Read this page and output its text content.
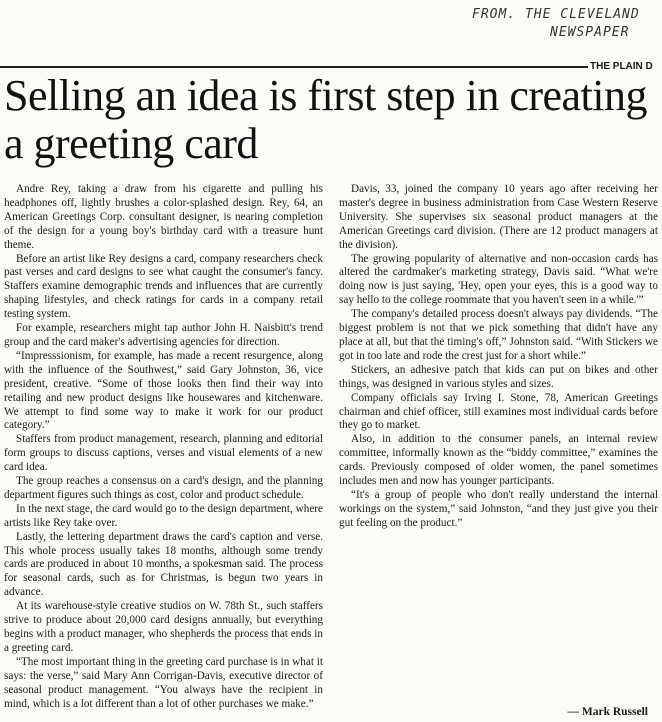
FROM. THE CLEVELAND
NEWSPAPER
THE PLAIN D
Selling an idea is first step in creating a greeting card

Andre Rey, taking a draw from his cigarette and pulling his headphones off, lightly brushes a color-splashed design. Rey, 64, an American Greetings Corp. consultant designer, is nearing completion of the design for a young boy's birthday card with a treasure hunt theme.

Before an artist like Rey designs a card, company researchers check past verses and card designs to see what caught the consumer's fancy. Staffers examine demographic trends and influences that are currently shaping lifestyles, and check ratings for cards in a company retail testing system.

For example, researchers might tap author John H. Naisbitt's trend group and the card maker's advertising agencies for direction.

“Impresssionism, for example, has made a recent resurgence, along with the influence of the Southwest,” said Gary Johnston, 36, vice president, creative. “Some of those looks then find their way into retailing and new product designs like housewares and kitchenware. We attempt to find some way to make it work for our product category.”

Staffers from product management, research, planning and editorial form groups to discuss captions, verses and visual elements of a new card idea.

The group reaches a consensus on a card's design, and the planning department figures such things as cost, color and product schedule.

In the next stage, the card would go to the design department, where artists like Rey take over.

Lastly, the lettering department draws the card's caption and verse. This whole process usually takes 18 months, although some trendy cards are produced in about 10 months, a spokesman said. The process for seasonal cards, such as for Christmas, is begun two years in advance.

At its warehouse-style creative studios on W. 78th St., such staffers strive to produce about 20,000 card designs annually, but everything begins with a product manager, who shepherds the process that ends in a greeting card.

“The most important thing in the greeting card purchase is in what it says: the verse,” said Mary Ann Corrigan-Davis, executive director of seasonal product management. “You always have the recipient in mind, which is a lot different than a lot of other purchases we make.”

Davis, 33, joined the company 10 years ago after receiving her master's degree in business administration from Case Western Reserve University. She supervises six seasonal product managers at the American Greetings card division. (There are 12 product managers at the division).

The growing popularity of alternative and non-occasion cards has altered the cardmaker's marketing strategy, Davis said. “What we're doing now is just saying, 'Hey, open your eyes, this is a good way to say hello to the college roommate that you haven't seen in a while.'”

The company's detailed process doesn't always pay dividends. “The biggest problem is not that we pick something that didn't have any place at all, but that the timing's off,” Johnston said. “With Stickers we got in too late and rode the crest just for a short while.”

Stickers, an adhesive patch that kids can put on bikes and other things, was designed in various styles and sizes.

Company officials say Irving I. Stone, 78, American Greetings chairman and chief officer, still examines most individual cards before they go to market.

Also, in addition to the consumer panels, an internal review committee, informally known as the “biddy committee,” examines the cards. Previously composed of older women, the panel sometimes includes men and now has younger participants.

“It's a group of people who don't really understand the internal workings on the system,” said Johnston, “and they just give you their gut feeling on the product.”

— Mark Russell
